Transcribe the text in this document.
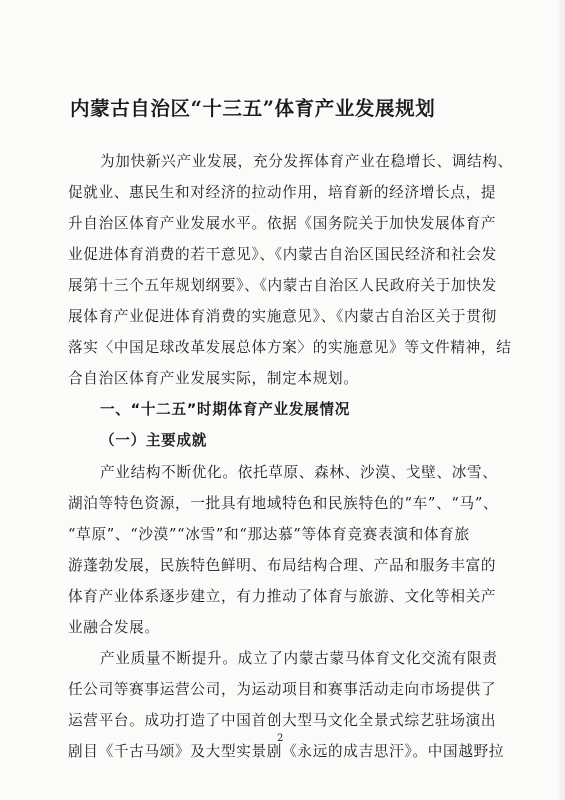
内蒙古自治区“十三五”体育产业发展规划
为加快新兴产业发展，充分发挥体育产业在稳增长、调结构、
促就业、惠民生和对经济的拉动作用，培育新的经济增长点，提
升自治区体育产业发展水平。依据《国务院关于加快发展体育产
业促进体育消费的若干意见》、《内蒙古自治区国民经济和社会发
展第十三个五年规划纲要》、《内蒙古自治区人民政府关于加快发
展体育产业促进体育消费的实施意见》、《内蒙古自治区关于贯彻
落实〈中国足球改革发展总体方案〉的实施意见》等文件精神，结
合自治区体育产业发展实际，制定本规划。
一、“十二五”时期体育产业发展情况
（一）主要成就
产业结构不断优化。依托草原、森林、沙漠、戈壁、冰雪、
湖泊等特色资源，一批具有地域特色和民族特色的“车”、“马”、
“草原”、“沙漠”“冰雪”和“那达慕”等体育竞赛表演和体育旅
游蓬勃发展，民族特色鲜明、布局结构合理、产品和服务丰富的
体育产业体系逐步建立，有力推动了体育与旅游、文化等相关产
业融合发展。
产业质量不断提升。成立了内蒙古蒙马体育文化交流有限责
任公司等赛事运营公司，为运动项目和赛事活动走向市场提供了
运营平台。成功打造了中国首创大型马文化全景式综艺驻场演出
剧目《千古马颂》及大型实景剧《永远的成吉思汗》。中国越野拉
2
